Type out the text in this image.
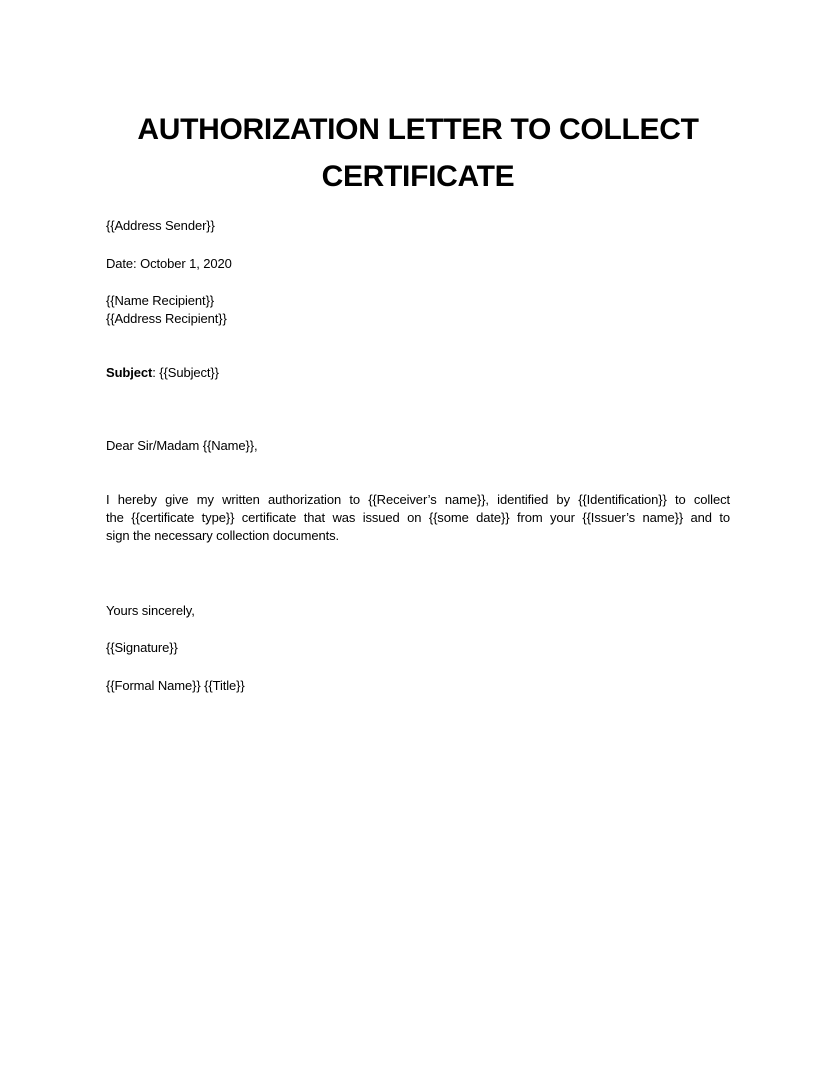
AUTHORIZATION LETTER TO COLLECT
CERTIFICATE
{{Address Sender}}
Date: October 1, 2020
{{Name Recipient}}
{{Address Recipient}}
Subject: {{Subject}}
Dear Sir/Madam {{Name}},
I hereby give my written authorization to {{Receiver’s name}}, identified by {{Identification}} to collect
the {{certificate type}} certificate that was issued on {{some date}} from your {{Issuer’s name}} and to
sign the necessary collection documents.
Yours sincerely,
{{Signature}}
{{Formal Name}} {{Title}}
